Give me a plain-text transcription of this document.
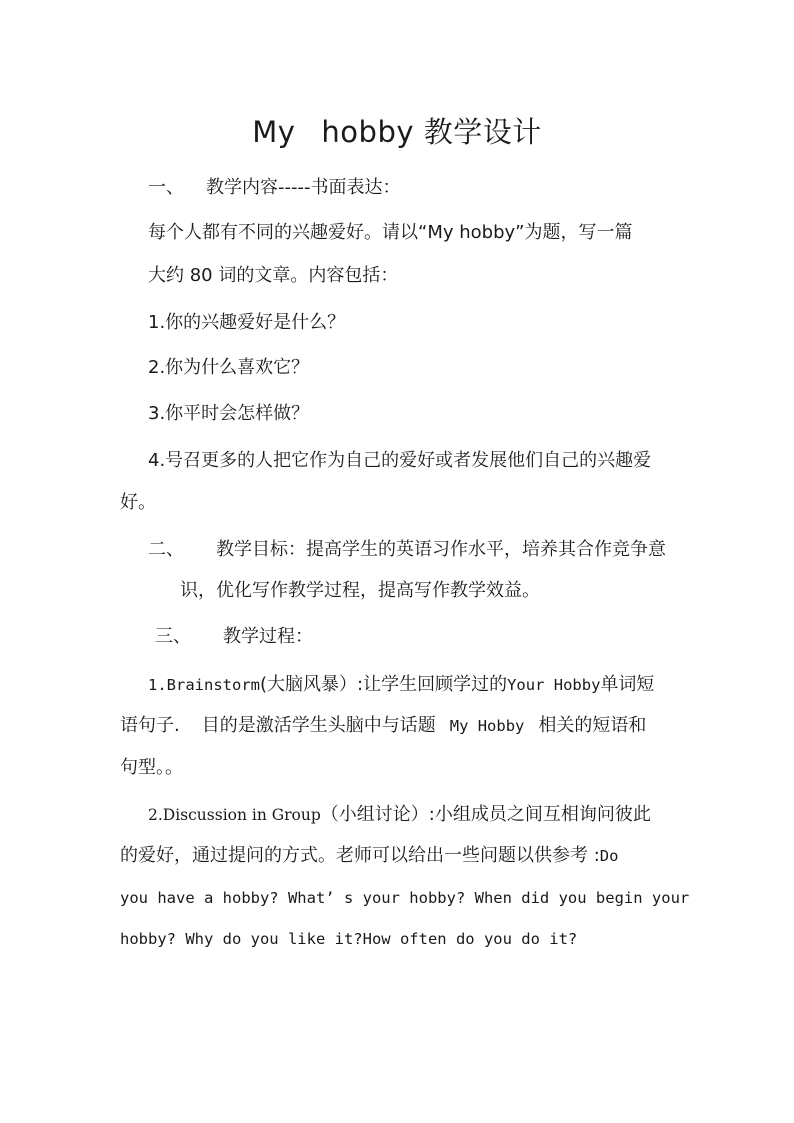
My hobby 教学设计
一、 教学内容-----书面表达：
每个人都有不同的兴趣爱好。请以“My hobby”为题，写一篇
大约 80 词的文章。内容包括：
1.你的兴趣爱好是什么？
2.你为什么喜欢它？
3.你平时会怎样做？
4.号召更多的人把它作为自己的爱好或者发展他们自己的兴趣爱
好。
二、 教学目标：提高学生的英语习作水平，培养其合作竞争意
识，优化写作教学过程，提高写作教学效益。
三、 教学过程：
1.Brainstorm(大脑风暴）:让学生回顾学过的Your Hobby单词短
语句子. 目的是激活学生头脑中与话题 My Hobby 相关的短语和
句型。。
2.Discussion in Group（小组讨论）:小组成员之间互相询问彼此
的爱好，通过提问的方式。老师可以给出一些问题以供参考 :Do
you have a hobby? What’ s your hobby? When did you begin your
hobby? Why do you like it?How often do you do it?
